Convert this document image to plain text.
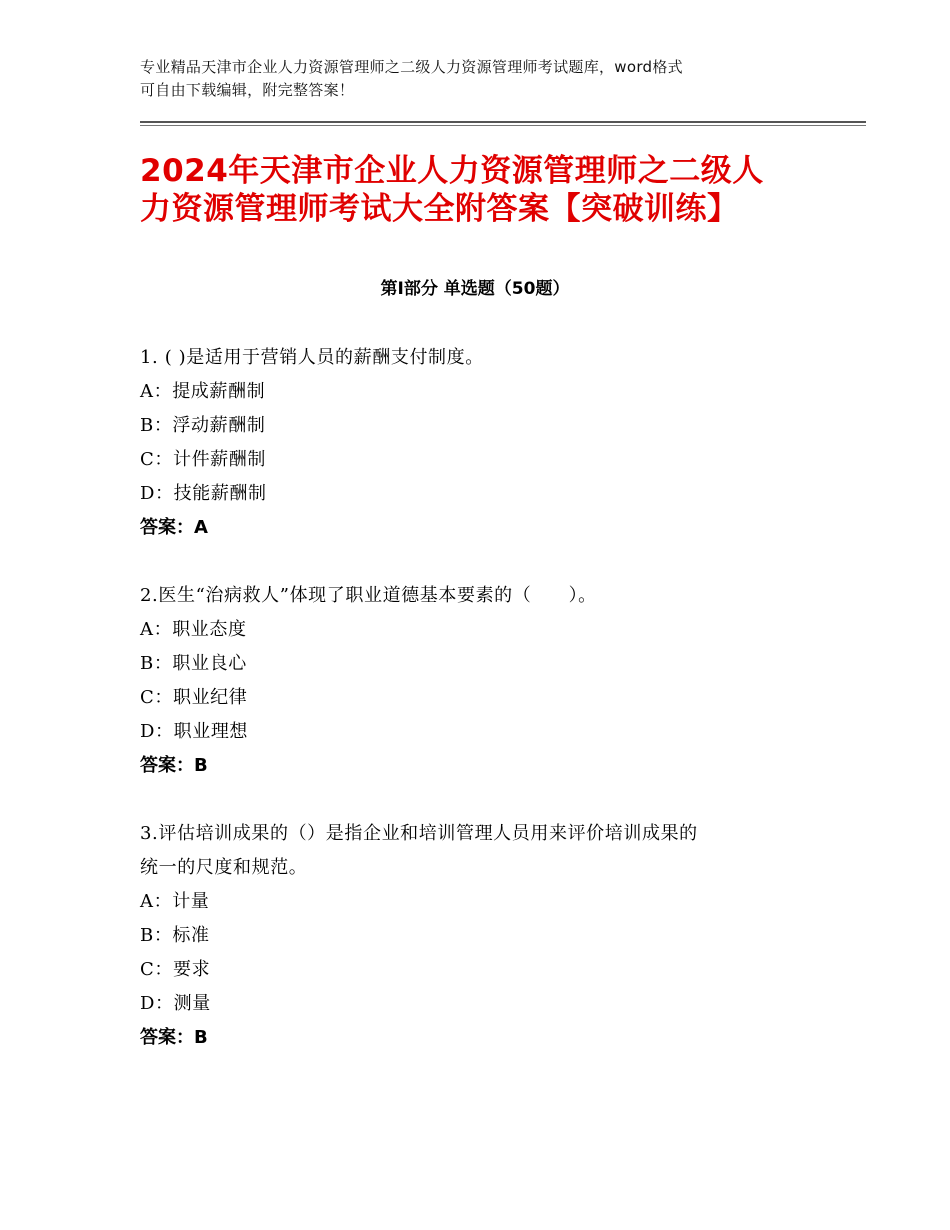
专业精品天津市企业人力资源管理师之二级人力资源管理师考试题库，word格式
可自由下载编辑，附完整答案！
2024年天津市企业人力资源管理师之二级人
力资源管理师考试大全附答案【突破训练】
第Ⅰ部分 单选题（50题）
1. ( )是适用于营销人员的薪酬支付制度。
A：提成薪酬制
B：浮动薪酬制
C：计件薪酬制
D：技能薪酬制
答案：A
2.医生“治病救人”体现了职业道德基本要素的（　　）。
A：职业态度
B：职业良心
C：职业纪律
D：职业理想
答案：B
3.评估培训成果的（）是指企业和培训管理人员用来评价培训成果的
统一的尺度和规范。
A：计量
B：标准
C：要求
D：测量
答案：B
